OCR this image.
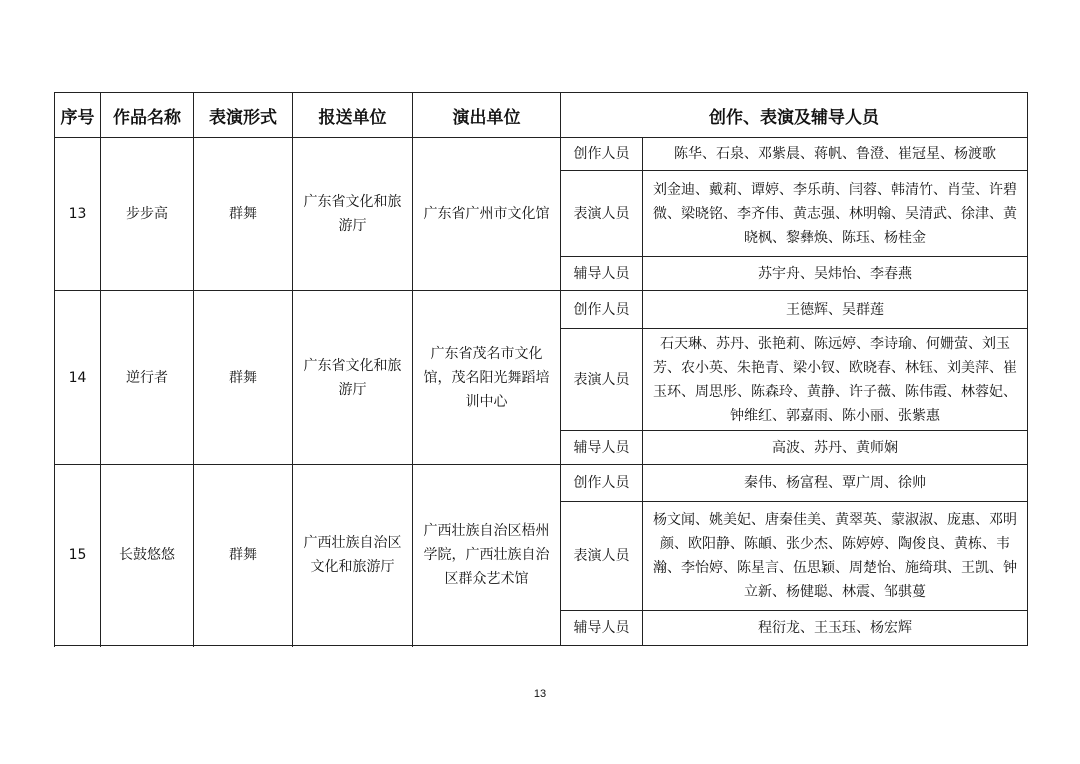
序号	作品名称	表演形式	报送单位	演出单位	创作、表演及辅导人员	
13	步步高	群舞	广东省文化和旅游厅	广东省广州市文化馆	创作人员	陈华、石泉、邓紫晨、蒋帆、鲁澄、崔冠星、杨渡歌
					表演人员	刘金迪、戴莉、谭婷、李乐萌、闫蓉、韩清竹、肖莹、许碧微、梁晓铭、李齐伟、黄志强、林明翰、吴清武、徐津、黄晓枫、黎彝焕、陈珏、杨桂金
					辅导人员	苏宇舟、吴炜怡、李春燕

14	逆行者	群舞	广东省文化和旅游厅	广东省茂名市文化馆，茂名阳光舞蹈培训中心	创作人员	王德辉、吴群莲
					表演人员	石天琳、苏丹、张艳莉、陈远婷、李诗瑜、何姗萤、刘玉芳、农小英、朱艳青、梁小钗、欧晓春、林钰、刘美萍、崔玉环、周思彤、陈森玲、黄静、许子薇、陈伟霞、林蓉妃、钟维红、郭嘉雨、陈小丽、张紫惠
					辅导人员	高波、苏丹、黄师娴

15	长鼓悠悠	群舞	广西壮族自治区文化和旅游厅	广西壮族自治区梧州学院，广西壮族自治区群众艺术馆	创作人员	秦伟、杨富程、覃广周、徐帅
					表演人员	杨文闻、姚美妃、唐秦佳美、黄翠英、蒙淑淑、庞惠、邓明颜、欧阳静、陈頔、张少杰、陈婷婷、陶俊良、黄栋、韦瀚、李怡婷、陈星言、伍思颖、周楚怡、施绮琪、王凯、钟立新、杨健聪、林震、邹骐蔓
					辅导人员	程衍龙、王玉珏、杨宏辉

13
